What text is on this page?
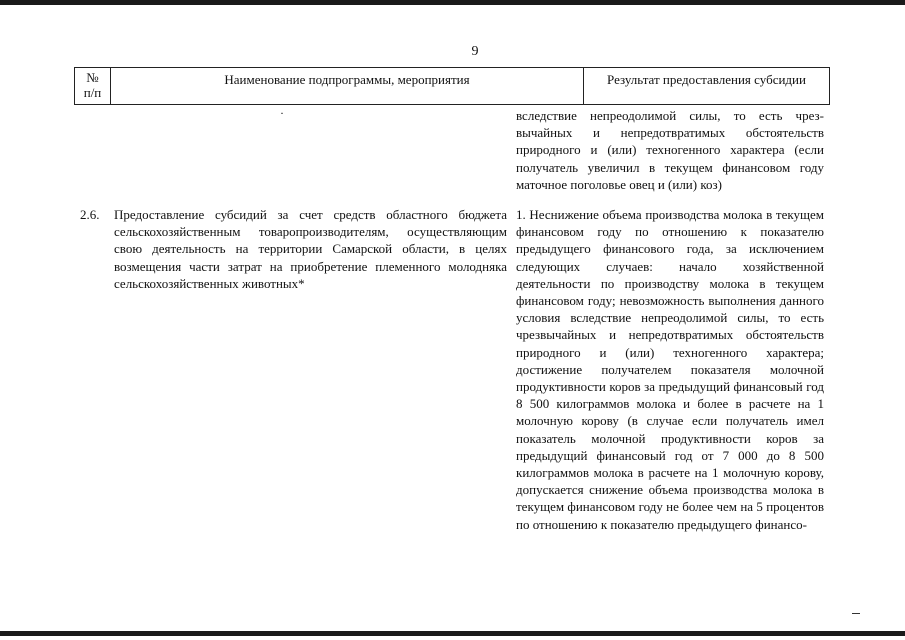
9
№
п/п
Наименование подпрограммы, мероприятия	Результат предоставления субсидии
·	вследствие непреодолимой силы, то есть чрезвычайных и непредотвратимых обстоятельств природного и (или) техногенного характера (если получатель увеличил в текущем финансовом году маточное поголовье овец и (или) коз)
2.6. Предоставление субсидий за счет средств областного бюджета сельскохозяйственным товаропроизводителям, осуществляющим свою деятельность на территории Самарской области, в целях возмещения части затрат на приобретение племенного молодняка сельскохозяйственных животных*
1. Неснижение объема производства молока в текущем финансовом году по отношению к показателю предыдущего финансового года, за исключением следующих случаев: начало хозяйственной деятельности по производству молока в текущем финансовом году; невозможность выполнения данного условия вследствие непреодолимой силы, то есть чрезвычайных и непредотвратимых обстоятельств природного и (или) техногенного характера; достижение получателем показателя молочной продуктивности коров за предыдущий финансовый год 8 500 килограммов молока и более в расчете на 1 молочную корову (в случае если получатель имел показатель молочной продуктивности коров за предыдущий финансовый год от 7 000 до 8 500 килограммов молока в расчете на 1 молочную корову, допускается снижение объема производства молока в текущем финансовом году не более чем на 5 процентов по отношению к показателю предыдущего финансо-
